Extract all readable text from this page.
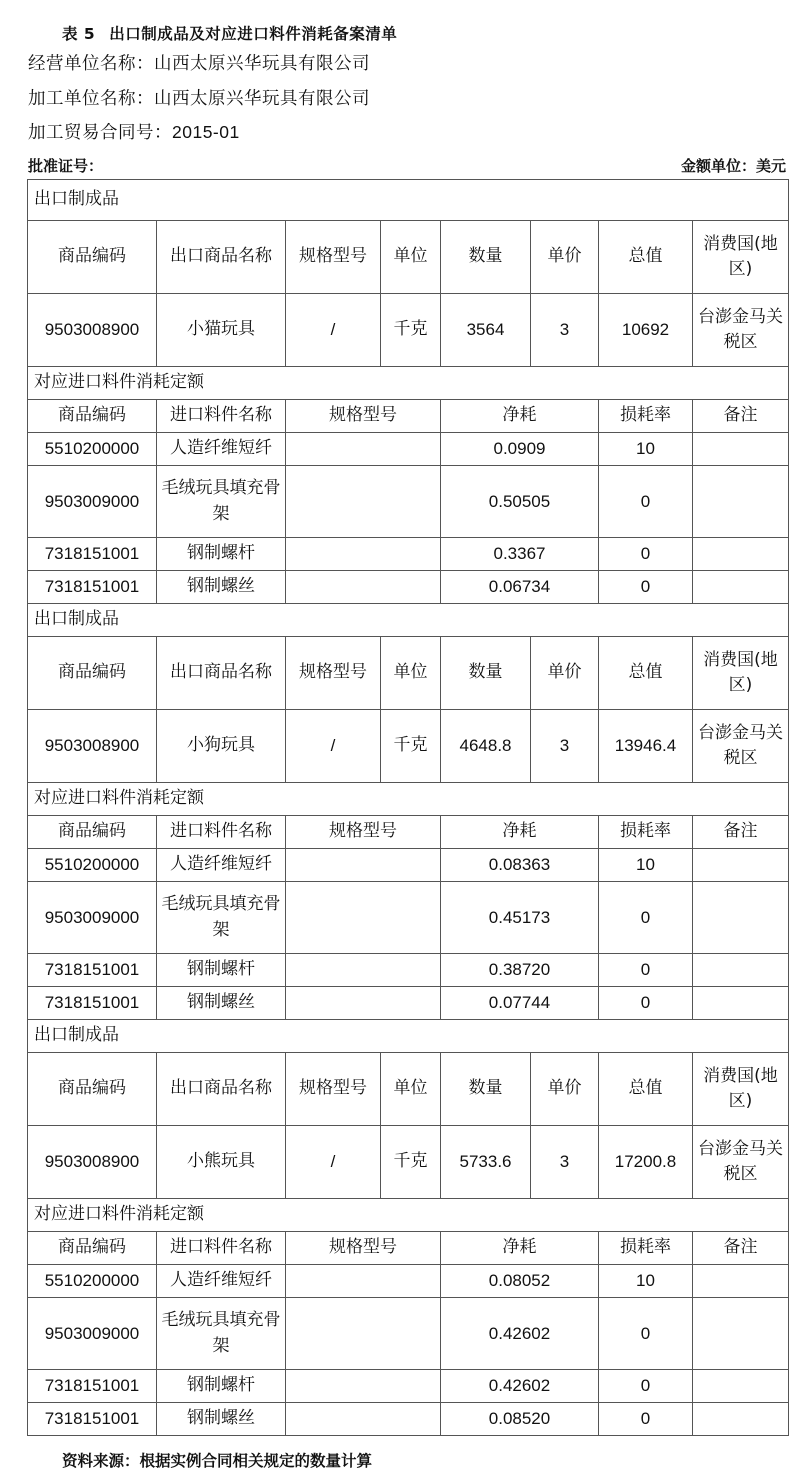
表 5 出口制成品及对应进口料件消耗备案清单
经营单位名称：山西太原兴华玩具有限公司
加工单位名称：山西太原兴华玩具有限公司
加工贸易合同号：2015-01
批准证号：	金额单位：美元
出口制成品							
商品编码	出口商品名称	规格型号	单位	数量	单价	总值	消费国(地区)
9503008900	小猫玩具	/	千克	3564	3	10692	台澎金马关税区
对应进口料件消耗定额							
商品编码	进口料件名称	规格型号		净耗		损耗率	备注
5510200000	人造纤维短纤			0.0909		10	
9503009000	毛绒玩具填充骨架			0.50505		0	
7318151001	钢制螺杆			0.3367		0	
7318151001	钢制螺丝			0.06734		0	
出口制成品							
商品编码	出口商品名称	规格型号	单位	数量	单价	总值	消费国(地区)
9503008900	小狗玩具	/	千克	4648.8	3	13946.4	台澎金马关税区
对应进口料件消耗定额							
商品编码	进口料件名称	规格型号		净耗		损耗率	备注
5510200000	人造纤维短纤			0.08363		10	
9503009000	毛绒玩具填充骨架			0.45173		0	
7318151001	钢制螺杆			0.38720		0	
7318151001	钢制螺丝			0.07744		0	
出口制成品							
商品编码	出口商品名称	规格型号	单位	数量	单价	总值	消费国(地区)
9503008900	小熊玩具	/	千克	5733.6	3	17200.8	台澎金马关税区
对应进口料件消耗定额							
商品编码	进口料件名称	规格型号		净耗		损耗率	备注
5510200000	人造纤维短纤			0.08052		10	
9503009000	毛绒玩具填充骨架			0.42602		0	
7318151001	钢制螺杆			0.42602		0	
7318151001	钢制螺丝			0.08520		0	
资料来源：根据实例合同相关规定的数量计算
